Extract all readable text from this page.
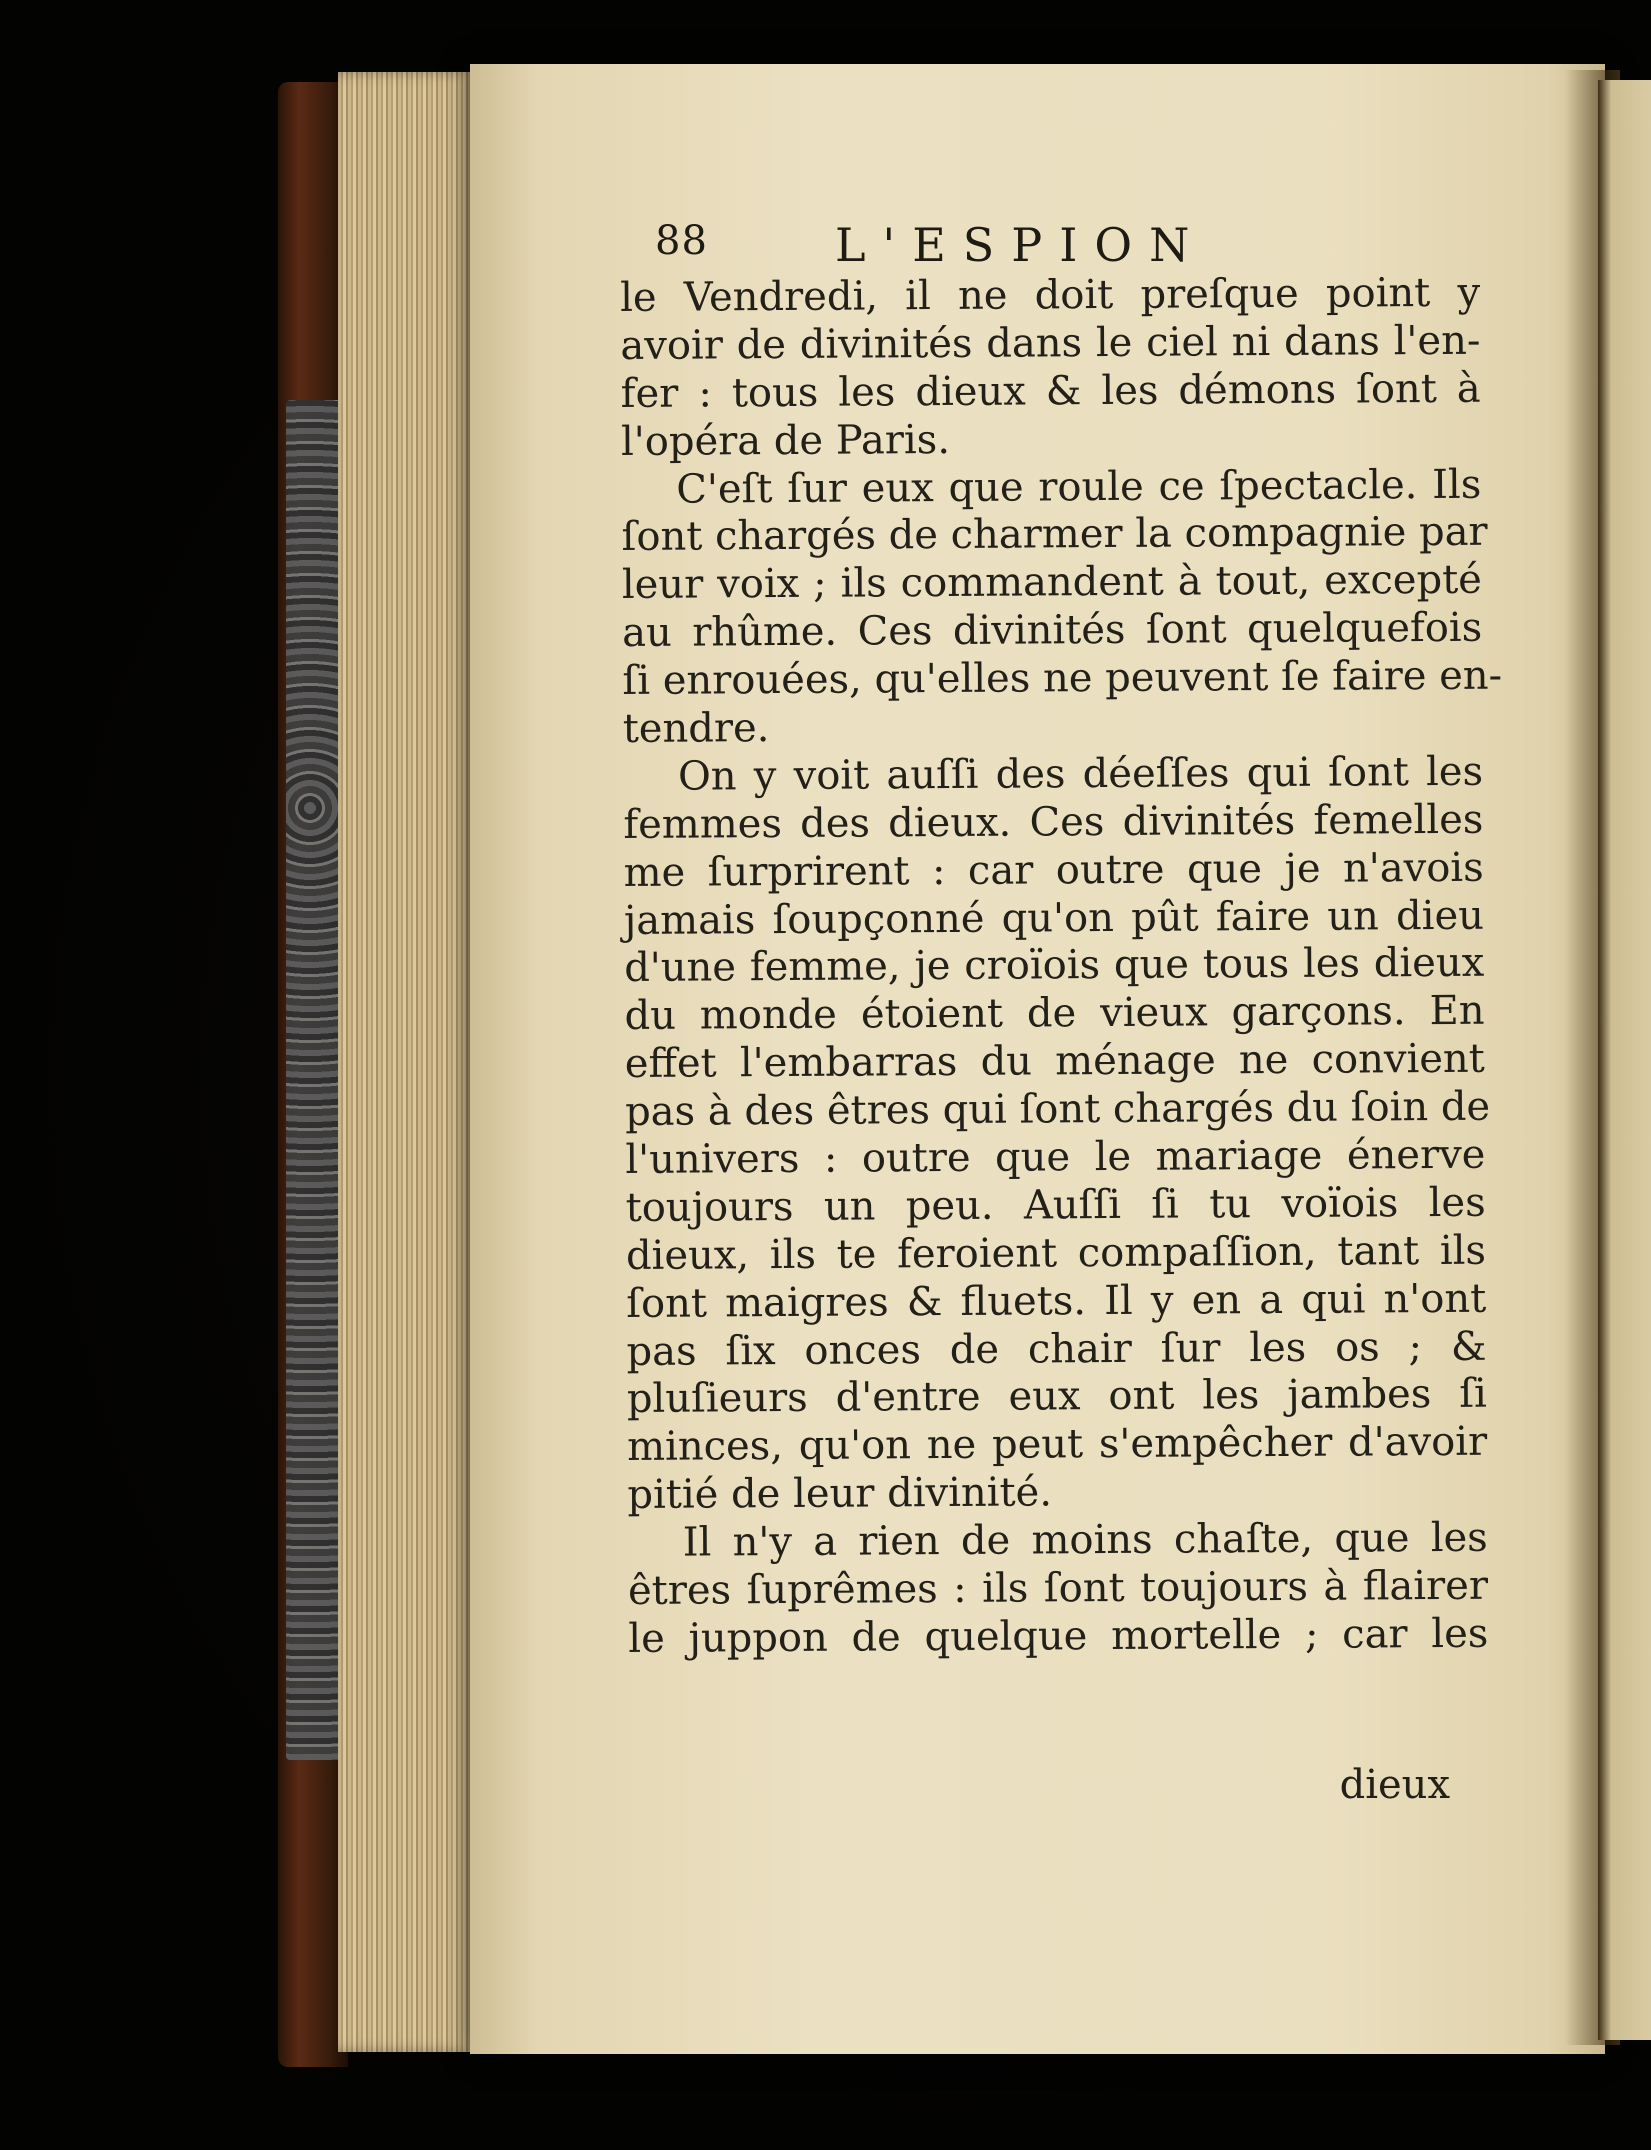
88	L'ESPION
le Vendredi, il ne doit preſque point y
avoir de divinités dans le ciel ni dans l'en-
fer : tous les dieux & les démons ſont à
l'opéra de Paris.
C'eſt ſur eux que roule ce ſpectacle. Ils
ſont chargés de charmer la compagnie par
leur voix ; ils commandent à tout, excepté
au rhûme. Ces divinités ſont quelquefois
ſi enrouées, qu'elles ne peuvent ſe faire en-
tendre.
On y voit auſſi des déeſſes qui ſont les
femmes des dieux. Ces divinités femelles
me ſurprirent : car outre que je n'avois
jamais ſoupçonné qu'on pût faire un dieu
d'une femme, je croïois que tous les dieux
du monde étoient de vieux garçons. En
effet l'embarras du ménage ne convient
pas à des êtres qui ſont chargés du ſoin de
l'univers : outre que le mariage énerve
toujours un peu. Auſſi ſi tu voïois les
dieux, ils te feroient compaſſion, tant ils
ſont maigres & fluets. Il y en a qui n'ont
pas ſix onces de chair ſur les os ; &
pluſieurs d'entre eux ont les jambes ſi
minces, qu'on ne peut s'empêcher d'avoir
pitié de leur divinité.
Il n'y a rien de moins chaſte, que les
êtres ſuprêmes : ils ſont toujours à flairer
le juppon de quelque mortelle ; car les
dieux
